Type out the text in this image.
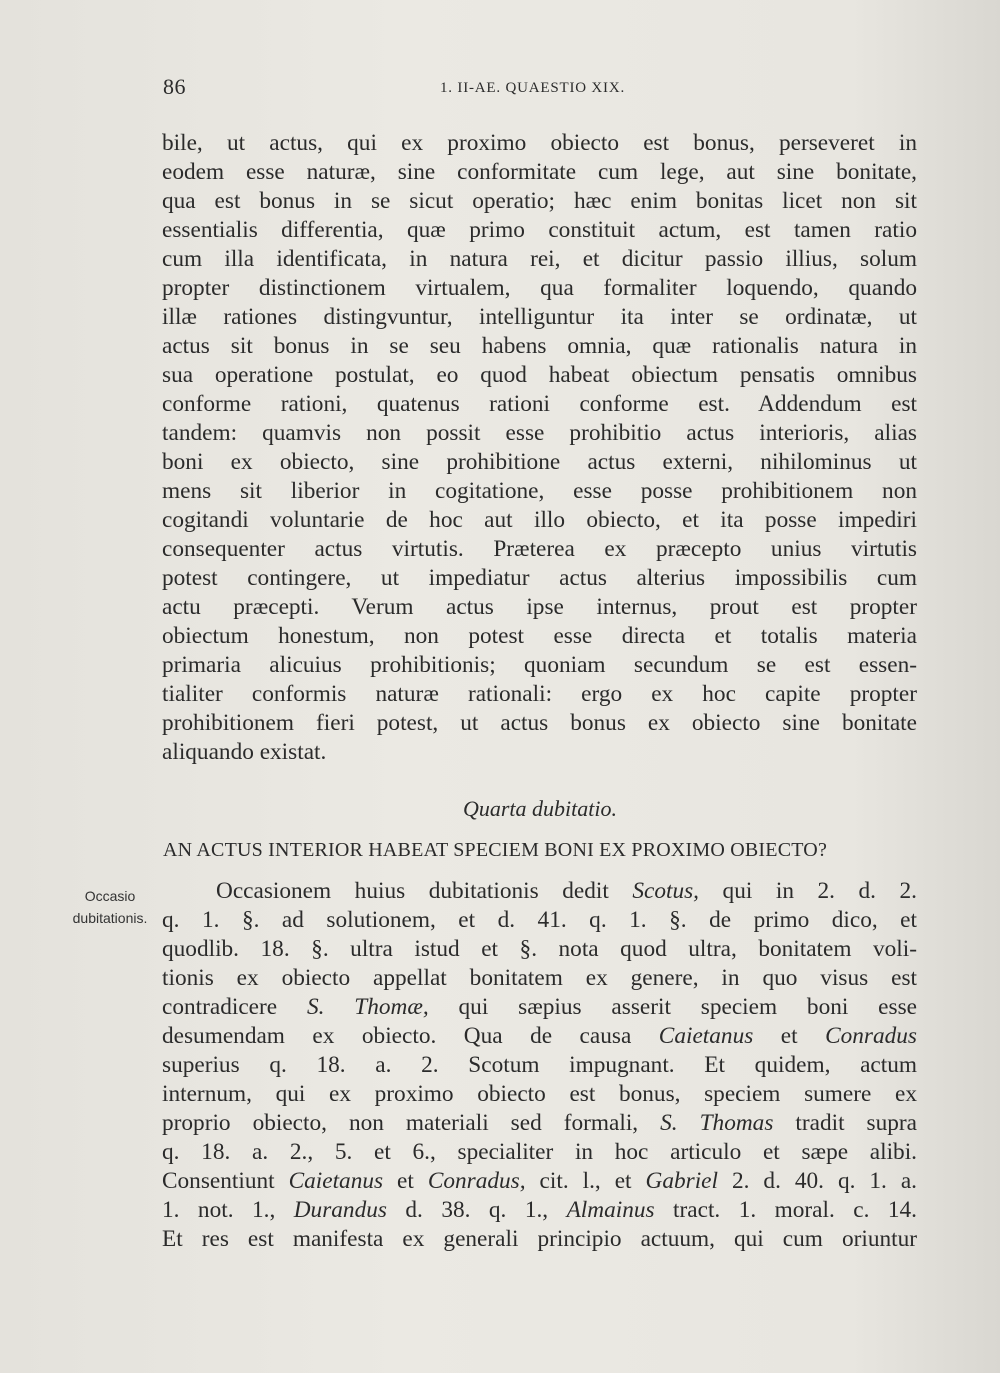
86	1. II-AE. QUAESTIO XIX.
bile, ut actus, qui ex proximo obiecto est bonus, perseveret in
eodem esse naturæ, sine conformitate cum lege, aut sine bonitate,
qua est bonus in se sicut operatio; hæc enim bonitas licet non sit
essentialis differentia, quæ primo constituit actum, est tamen ratio
cum illa identificata, in natura rei, et dicitur passio illius, solum
propter distinctionem virtualem, qua formaliter loquendo, quando
illæ rationes distingvuntur, intelliguntur ita inter se ordinatæ, ut
actus sit bonus in se seu habens omnia, quæ rationalis natura in
sua operatione postulat, eo quod habeat obiectum pensatis omnibus
conforme rationi, quatenus rationi conforme est. Addendum est
tandem: quamvis non possit esse prohibitio actus interioris, alias
boni ex obiecto, sine prohibitione actus externi, nihilominus ut
mens sit liberior in cogitatione, esse posse prohibitionem non
cogitandi voluntarie de hoc aut illo obiecto, et ita posse impediri
consequenter actus virtutis. Præterea ex præcepto unius virtutis
potest contingere, ut impediatur actus alterius impossibilis cum
actu præcepti. Verum actus ipse internus, prout est propter
obiectum honestum, non potest esse directa et totalis materia
primaria alicuius prohibitionis; quoniam secundum se est essen-
tialiter conformis naturæ rationali: ergo ex hoc capite propter
prohibitionem fieri potest, ut actus bonus ex obiecto sine bonitate
aliquando existat.
Quarta dubitatio.
AN ACTUS INTERIOR HABEAT SPECIEM BONI EX PROXIMO OBIECTO?
Occasio
dubitationis.
Occasionem huius dubitationis dedit Scotus, qui in 2. d. 2.
q. 1. §. ad solutionem, et d. 41. q. 1. §. de primo dico, et
quodlib. 18. §. ultra istud et §. nota quod ultra, bonitatem voli-
tionis ex obiecto appellat bonitatem ex genere, in quo visus est
contradicere S. Thomæ, qui sæpius asserit speciem boni esse
desumendam ex obiecto. Qua de causa Caietanus et Conradus
superius q. 18. a. 2. Scotum impugnant. Et quidem, actum
internum, qui ex proximo obiecto est bonus, speciem sumere ex
proprio obiecto, non materiali sed formali, S. Thomas tradit supra
q. 18. a. 2., 5. et 6., specialiter in hoc articulo et sæpe alibi.
Consentiunt Caietanus et Conradus, cit. l., et Gabriel 2. d. 40. q. 1. a.
1. not. 1., Durandus d. 38. q. 1., Almainus tract. 1. moral. c. 14.
Et res est manifesta ex generali principio actuum, qui cum oriuntur
